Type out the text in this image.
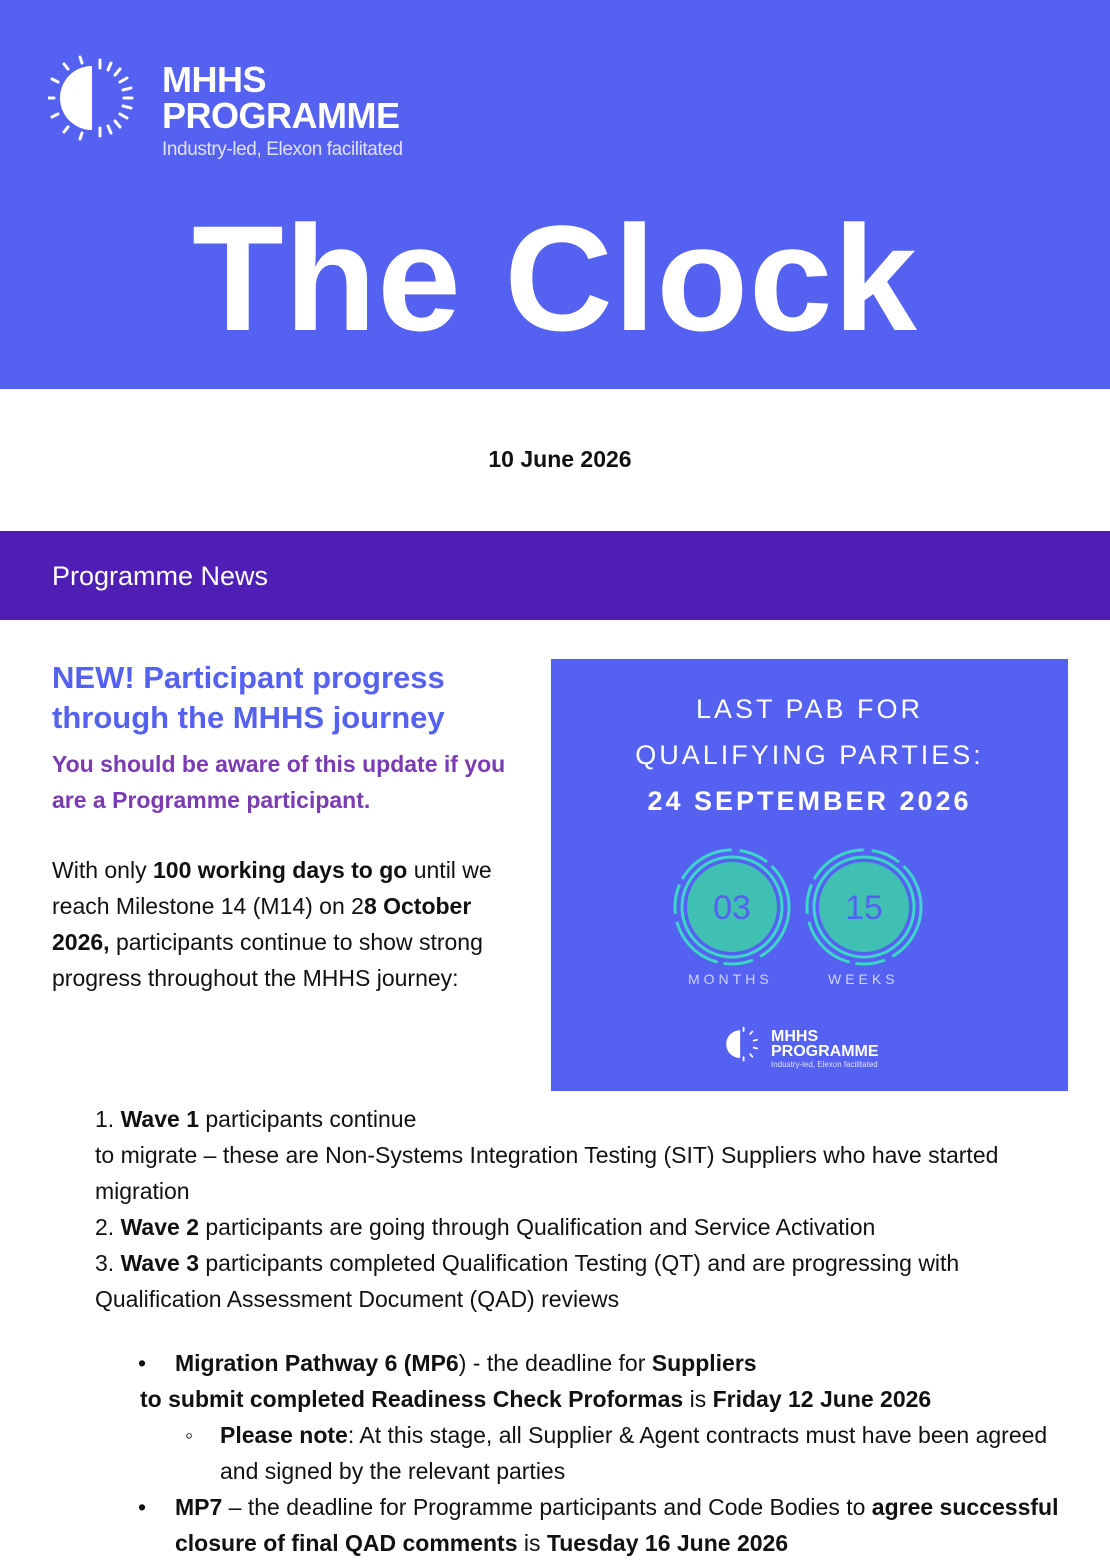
MHHS
PROGRAMME
Industry-led, Elexon facilitated
The Clock
10 June 2026
Programme News
NEW! Participant progress through the MHHS journey

You should be aware of this update if you are a Programme participant.

With only 100 working days to go until we reach Milestone 14 (M14) on 28 October 2026, participants continue to show strong progress throughout the MHHS journey:

LAST PAB FOR
QUALIFYING PARTIES:
24 SEPTEMBER 2026
03	15
MONTHS	WEEKS
MHHS
PROGRAMME
Industry-led, Elexon facilitated
1. Wave 1 participants continue
to migrate – these are Non-Systems Integration Testing (SIT) Suppliers who have started migration
2. Wave 2 participants are going through Qualification and Service Activation
3. Wave 3 participants completed Qualification Testing (QT) and are progressing with Qualification Assessment Document (QAD) reviews
•	Migration Pathway 6 (MP6) - the deadline for Suppliers
to submit completed Readiness Check Proformas is Friday 12 June 2026
◦	Please note: At this stage, all Supplier & Agent contracts must have been agreed and signed by the relevant parties
•	MP7 – the deadline for Programme participants and Code Bodies to agree successful closure of final QAD comments is Tuesday 16 June 2026
